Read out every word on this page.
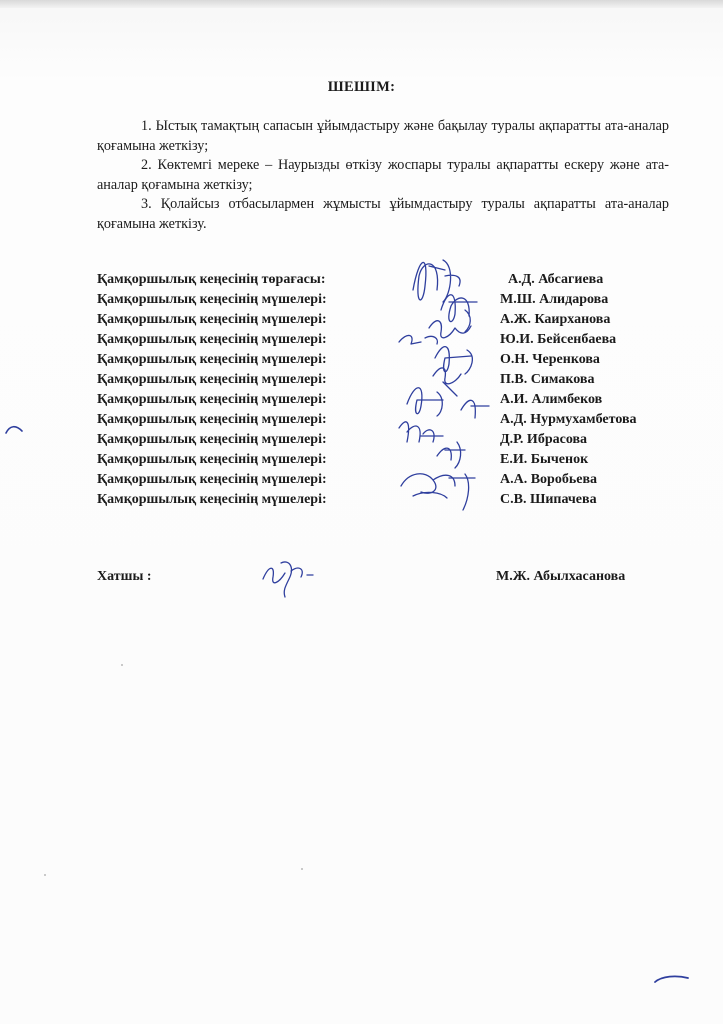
ШЕШІМ:
1. Ыстық тамақтың сапасын ұйымдастыру және бақылау туралы ақпаратты ата-аналар қоғамына жеткізу;
2. Көктемгі мереке – Наурызды өткізу жоспары туралы ақпаратты ескеру және ата-аналар қоғамына жеткізу;
3. Қолайсыз отбасылармен жұмысты ұйымдастыру туралы ақпаратты ата-аналар қоғамына жеткізу.
Қамқоршылық кеңесінің төрағасы:	А.Д. Абсагиева
Қамқоршылық кеңесінің мүшелері:	М.Ш. Алидарова
Қамқоршылық кеңесінің мүшелері:	А.Ж. Каирханова
Қамқоршылық кеңесінің мүшелері:	Ю.И. Бейсенбаева
Қамқоршылық кеңесінің мүшелері:	О.Н. Черенкова
Қамқоршылық кеңесінің мүшелері:	П.В. Симакова
Қамқоршылық кеңесінің мүшелері:	А.И. Алимбеков
Қамқоршылық кеңесінің мүшелері:	А.Д. Нурмухамбетова
Қамқоршылық кеңесінің мүшелері:	Д.Р. Ибрасова
Қамқоршылық кеңесінің мүшелері:	Е.И. Быченок
Қамқоршылық кеңесінің мүшелері:	А.А. Воробьева
Қамқоршылық кеңесінің мүшелері:	С.В. Шипачева
Хатшы :	М.Ж. Абылхасанова
